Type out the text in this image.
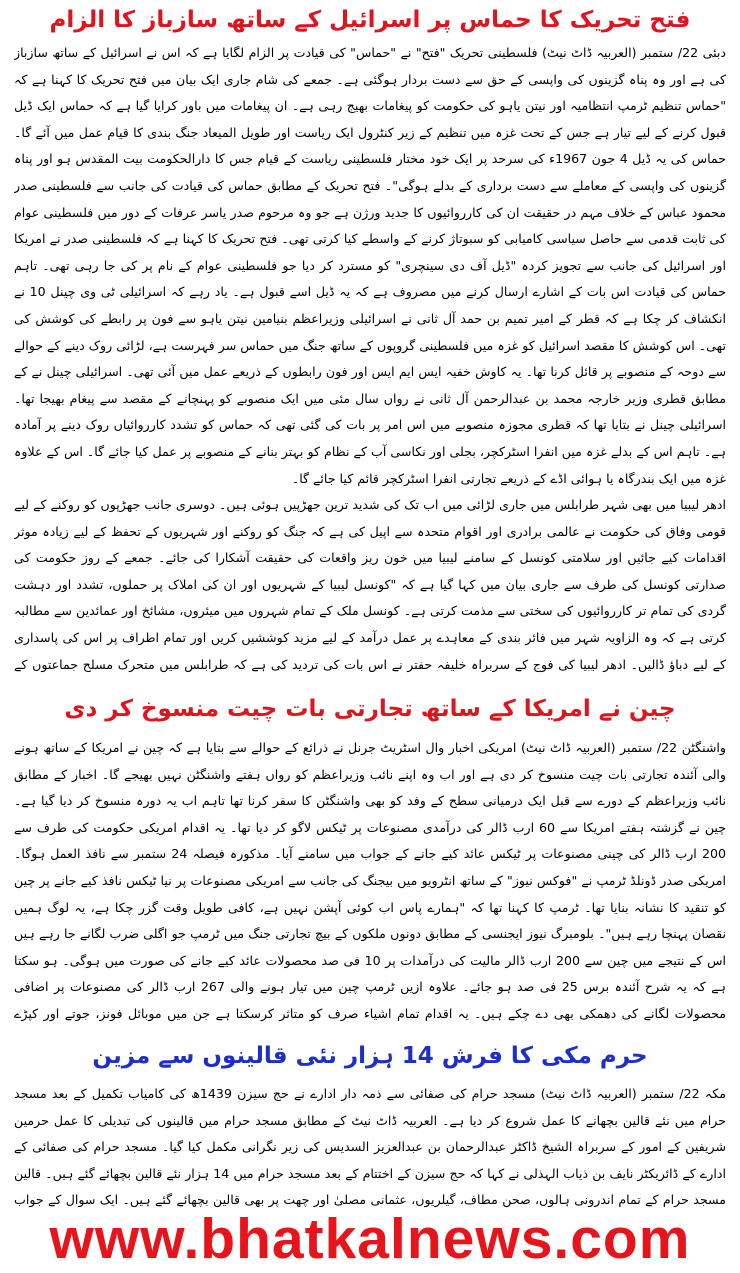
فتح تحریک کا حماس پر اسرائیل کے ساتھ سازباز کا الزام

دبئی 22/ ستمبر (العربیہ ڈاٹ نیٹ) فلسطینی تحریک "فتح" نے "حماس" کی قیادت پر الزام لگایا ہے کہ اس نے اسرائیل کے ساتھ سازباز کی ہے اور وہ پناہ گزینوں کی واپسی کے حق سے دست بردار ہوگئی ہے۔ جمعے کی شام جاری ایک بیان میں فتح تحریک کا کہنا ہے کہ "حماس تنظیم ٹرمپ انتظامیہ اور نیتن یاہو کی حکومت کو پیغامات بھیج رہی ہے۔ ان پیغامات میں باور کرایا گیا ہے کہ حماس ایک ڈیل قبول کرنے کے لیے تیار ہے جس کے تحت غزہ میں تنظیم کے زیر کنٹرول ایک ریاست اور طویل المیعاد جنگ بندی کا قیام عمل میں آئے گا۔ حماس کی یہ ڈیل 4 جون 1967ء کی سرحد پر ایک خود مختار فلسطینی ریاست کے قیام جس کا دارالحکومت بیت المقدس ہو اور پناہ گزینوں کی واپسی کے معاملے سے دست برداری کے بدلے ہوگی"۔ فتح تحریک کے مطابق حماس کی قیادت کی جانب سے فلسطینی صدر محمود عباس کے خلاف مہم در حقیقت ان کی کارروائیوں کا جدید ورژن ہے جو وہ مرحوم صدر یاسر عرفات کے دور میں فلسطینی عوام کی ثابت قدمی سے حاصل سیاسی کامیابی کو سبوتاژ کرنے کے واسطے کیا کرتی تھی۔ فتح تحریک کا کہنا ہے کہ فلسطینی صدر نے امریکا اور اسرائیل کی جانب سے تجویز کردہ "ڈیل آف دی سینچری" کو مسترد کر دیا جو فلسطینی عوام کے نام پر کی جا رہی تھی۔ تاہم حماس کی قیادت اس بات کے اشارے ارسال کرنے میں مصروف ہے کہ یہ ڈیل اسے قبول ہے۔ یاد رہے کہ اسرائیلی ٹی وی چینل 10 نے انکشاف کر چکا ہے کہ قطر کے امیر تمیم بن حمد آل ثانی نے اسرائیلی وزیراعظم بنیامین نیتن یاہو سے فون پر رابطے کی کوشش کی تھی۔ اس کوشش کا مقصد اسرائیل کو غزہ میں فلسطینی گروپوں کے ساتھ جنگ میں حماس سر فہرست ہے، لڑائی روک دینے کے حوالے سے دوحہ کے منصوبے پر قائل کرنا تھا۔ یہ کاوش خفیہ ایس ایم ایس اور فون رابطوں کے ذریعے عمل میں آئی تھی۔ اسرائیلی چینل نے کے مطابق قطری وزیر خارجہ محمد بن عبدالرحمن آل ثانی نے رواں سال مئی میں ایک منصوبے کو پہنچانے کے مقصد سے پیغام بھیجا تھا۔ اسرائیلی چینل نے بتایا تھا کہ قطری مجوزہ منصوبے میں اس امر پر بات کی گئی تھی کہ حماس کو تشدد کارروائیاں روک دینے پر آمادہ ہے۔ تاہم اس کے بدلے غزہ میں انفرا اسٹرکچر، بجلی اور نکاسی آب کے نظام کو بہتر بنانے کے منصوبے پر عمل کیا جائے گا۔ اس کے علاوہ غزہ میں ایک بندرگاہ یا ہوائی اڈے کے ذریعے تجارتی انفرا اسٹرکچر قائم کیا جائے گا۔

ادھر لیبیا میں بھی شہر طرابلس میں جاری لڑائی میں اب تک کی شدید ترین جھڑپیں ہوئی ہیں۔ دوسری جانب جھڑپوں کو روکنے کے لیے قومی وفاق کی حکومت نے عالمی برادری اور اقوام متحدہ سے اپیل کی ہے کہ جنگ کو روکنے اور شہریوں کے تحفظ کے لیے زیادہ موثر اقدامات کیے جائیں اور سلامتی کونسل کے سامنے لیبیا میں خون ریز واقعات کی حقیقت آشکارا کی جائے۔ جمعے کے روز حکومت کی صدارتی کونسل کی طرف سے جاری بیان میں کہا گیا ہے کہ "کونسل لیبیا کے شہریوں اور ان کی املاک پر حملوں، تشدد اور دہشت گردی کی تمام تر کارروائیوں کی سختی سے مذمت کرتی ہے۔ کونسل ملک کے تمام شہروں میں میئروں، مشائخ اور عمائدین سے مطالبہ کرتی ہے کہ وہ الزاویہ شہر میں فائر بندی کے معاہدے پر عمل درآمد کے لیے مزید کوششیں کریں اور تمام اطراف پر اس کی پاسداری کے لیے دباؤ ڈالیں۔ ادھر لیبیا کی فوج کے سربراہ خلیفہ حفتر نے اس بات کی تردید کی ہے کہ طرابلس میں متحرک مسلح جماعتوں کے

چین نے امریکا کے ساتھ تجارتی بات چیت منسوخ کر دی

واشنگٹن 22/ ستمبر (العربیہ ڈاٹ نیٹ) امریکی اخبار وال اسٹریٹ جرنل نے ذرائع کے حوالے سے بتایا ہے کہ چین نے امریکا کے ساتھ ہونے والی آئندہ تجارتی بات چیت منسوخ کر دی ہے اور اب وہ اپنے نائب وزیراعظم کو رواں ہفتے واشنگٹن نہیں بھیجے گا۔ اخبار کے مطابق نائب وزیراعظم کے دورے سے قبل ایک درمیانی سطح کے وفد کو بھی واشنگٹن کا سفر کرنا تھا تاہم اب یہ دورہ منسوخ کر دیا گیا ہے۔ چین نے گزشتہ ہفتے امریکا سے 60 ارب ڈالر کی درآمدی مصنوعات پر ٹیکس لاگو کر دیا تھا۔ یہ اقدام امریکی حکومت کی طرف سے 200 ارب ڈالر کی چینی مصنوعات پر ٹیکس عائد کیے جانے کے جواب میں سامنے آیا۔ مذکورہ فیصلہ 24 ستمبر سے نافذ العمل ہوگا۔ امریکی صدر ڈونلڈ ٹرمپ نے "فوکس نیوز" کے ساتھ انٹرویو میں بیجنگ کی جانب سے امریکی مصنوعات پر نیا ٹیکس نافذ کیے جانے پر چین کو تنقید کا نشانہ بنایا تھا۔ ٹرمپ کا کہنا تھا کہ "ہمارے پاس اب کوئی آپشن نہیں ہے، کافی طویل وقت گزر چکا ہے، یہ لوگ ہمیں نقصان پہنچا رہے ہیں"۔ بلومبرگ نیوز ایجنسی کے مطابق دونوں ملکوں کے بیچ تجارتی جنگ میں ٹرمپ جو اگلی ضرب لگانے جا رہے ہیں اس کے نتیجے میں چین سے 200 ارب ڈالر مالیت کی درآمدات پر 10 فی صد محصولات عائد کیے جانے کی صورت میں ہوگی۔ ہو سکتا ہے کہ یہ شرح آئندہ برس 25 فی صد ہو جائے۔ علاوہ ازیں ٹرمپ چین میں تیار ہونے والی 267 ارب ڈالر کی مصنوعات پر اضافی محصولات لگانے کی دھمکی بھی دے چکے ہیں۔ یہ اقدام تمام اشیاء صرف کو متاثر کرسکتا ہے جن میں موبائل فونز، جوتے اور کپڑے

حرم مکی کا فرش 14 ہزار نئی قالینوں سے مزین

مکہ 22/ ستمبر (العربیہ ڈاٹ نیٹ) مسجد حرام کی صفائی سے ذمہ دار ادارے نے حج سیزن 1439ھ کی کامیاب تکمیل کے بعد مسجد حرام میں نئے قالین بچھانے کا عمل شروع کر دیا ہے۔ العربیہ ڈاٹ نیٹ کے مطابق مسجد حرام میں قالینوں کی تبدیلی کا عمل حرمین شریفین کے امور کے سربراہ الشیخ ڈاکٹر عبدالرحمان بن عبدالعزیز السدیس کی زیر نگرانی مکمل کیا گیا۔ مسجد حرام کی صفائی کے ادارے کے ڈائریکٹر نایف بن ذیاب الہذلی نے کہا کہ حج سیزن کے اختتام کے بعد مسجد حرام میں 14 ہزار نئے قالین بچھائے گئے ہیں۔ قالین مسجد حرام کے تمام اندرونی ہالوں، صحن مطاف، گیلریوں، عثمانی مصلیٰ اور چھت پر بھی قالین بچھائے گئے ہیں۔ ایک سوال کے جواب

www.bhatkalnews.com
